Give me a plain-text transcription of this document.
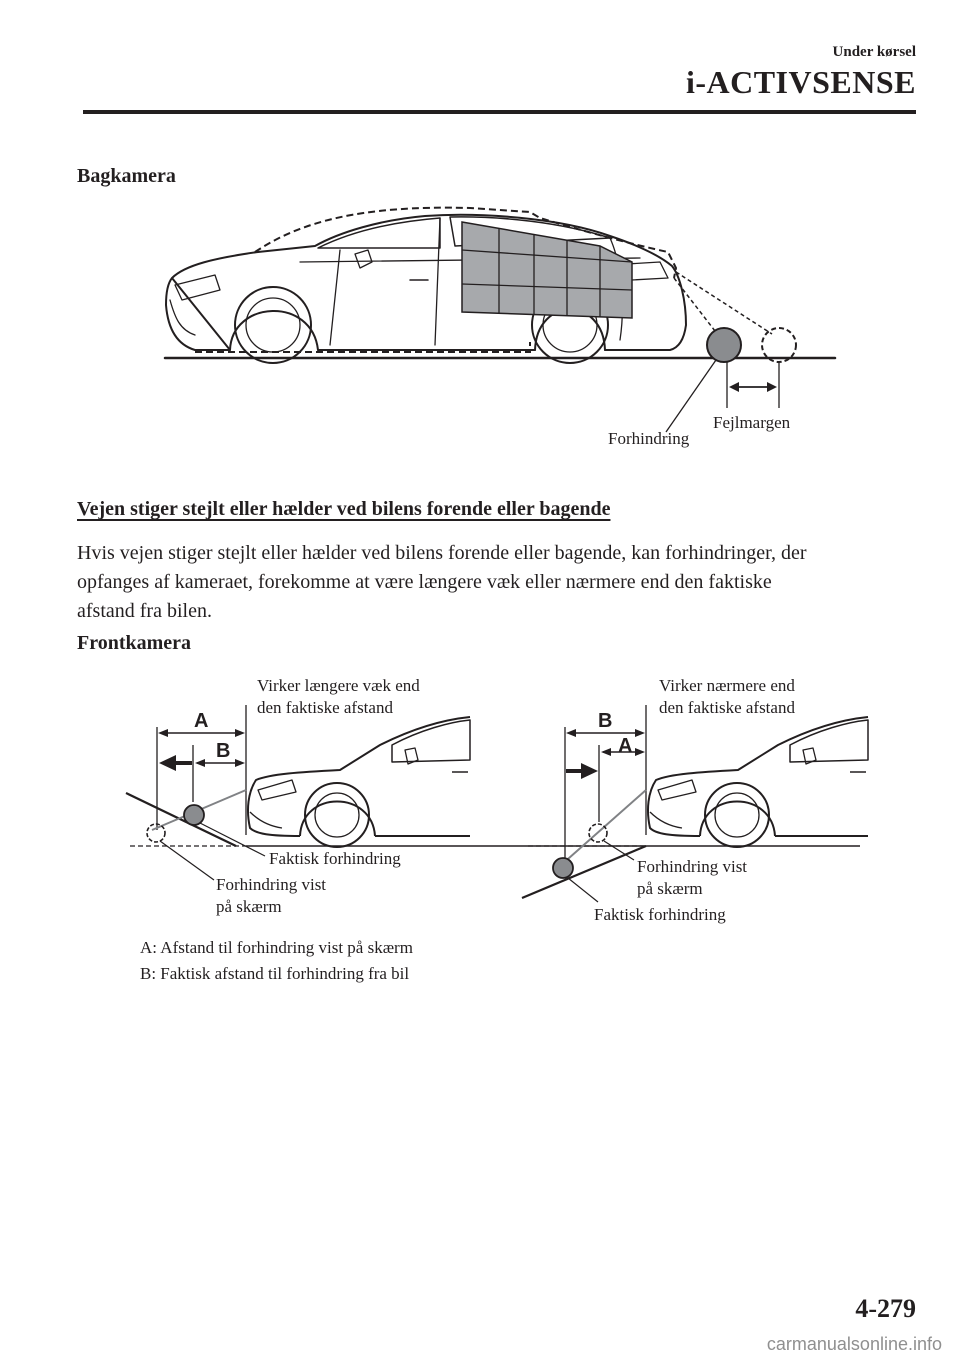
Under kørsel
i-ACTIVSENSE
Bagkamera
Fejlmargen
Forhindring
Vejen stiger stejlt eller hælder ved bilens forende eller bagende
Hvis vejen stiger stejlt eller hælder ved bilens forende eller bagende, kan forhindringer, der
opfanges af kameraet, forekomme at være længere væk eller nærmere end den faktiske
afstand fra bilen.
Frontkamera
Virker længere væk end
den faktiske afstand
A
B
Faktisk forhindring
Forhindring vist
på skærm
Virker nærmere end
den faktiske afstand
B
A
Forhindring vist
på skærm
Faktisk forhindring
A: Afstand til forhindring vist på skærm
B: Faktisk afstand til forhindring fra bil
4-279
carmanualsonline.info
